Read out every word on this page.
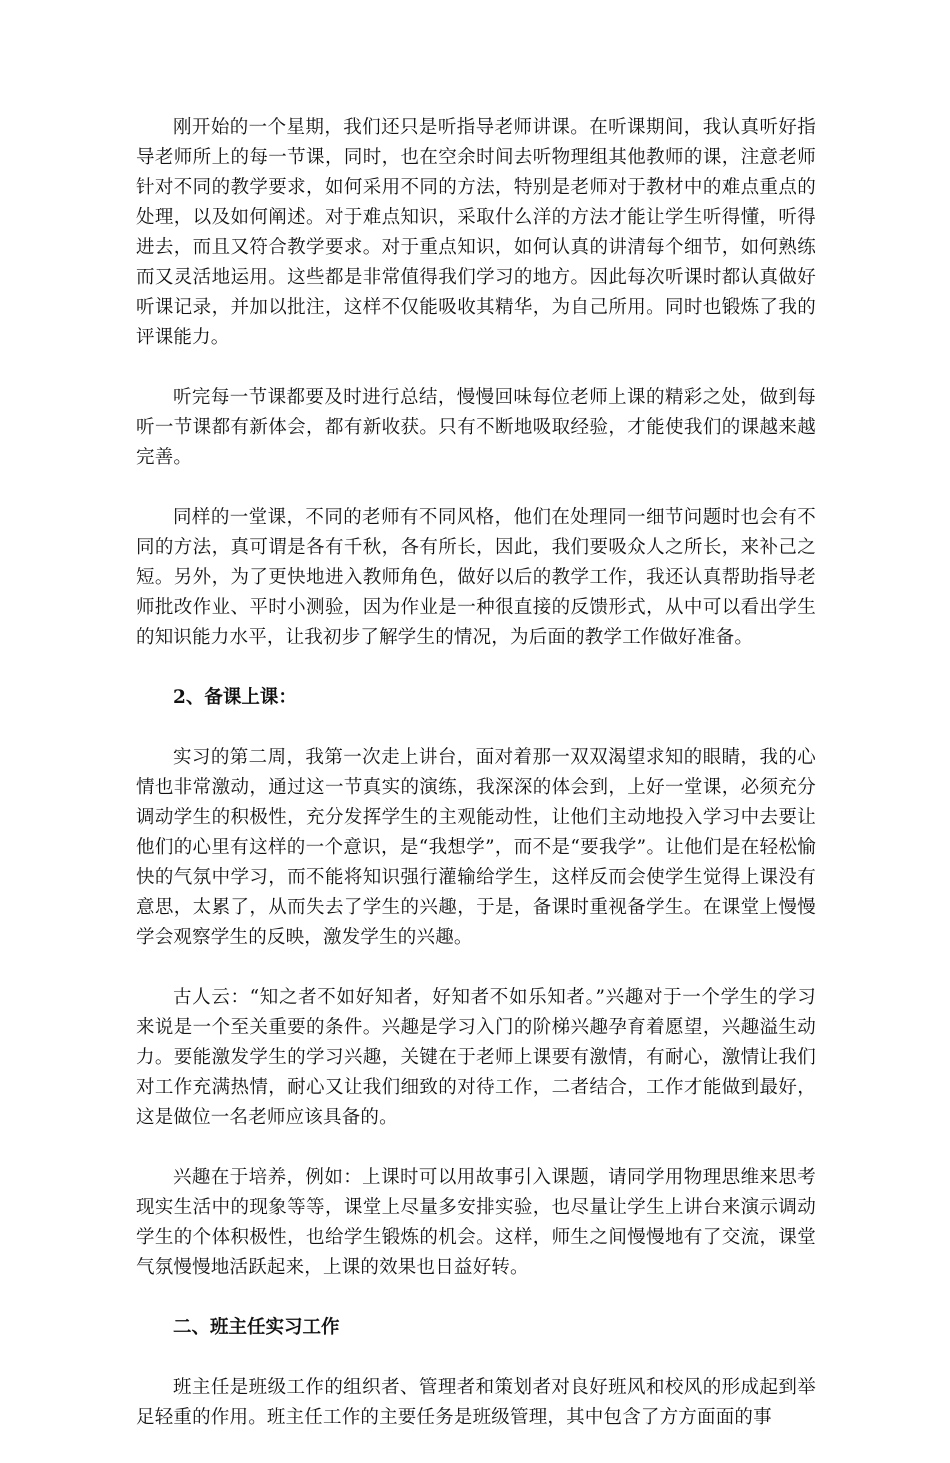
刚开始的一个星期，我们还只是听指导老师讲课。在听课期间，我认真听好指导老师所上的每一节课，同时，也在空余时间去听物理组其他教师的课，注意老师针对不同的教学要求，如何采用不同的方法，特别是老师对于教材中的难点重点的处理，以及如何阐述。对于难点知识，采取什么洋的方法才能让学生听得懂，听得进去，而且又符合教学要求。对于重点知识，如何认真的讲清每个细节，如何熟练而又灵活地运用。这些都是非常值得我们学习的地方。因此每次听课时都认真做好听课记录，并加以批注，这样不仅能吸收其精华，为自己所用。同时也锻炼了我的评课能力。

听完每一节课都要及时进行总结，慢慢回味每位老师上课的精彩之处，做到每听一节课都有新体会，都有新收获。只有不断地吸取经验，才能使我们的课越来越完善。

同样的一堂课，不同的老师有不同风格，他们在处理同一细节问题时也会有不同的方法，真可谓是各有千秋，各有所长，因此，我们要吸众人之所长，来补己之短。另外，为了更快地进入教师角色，做好以后的教学工作，我还认真帮助指导老师批改作业、平时小测验，因为作业是一种很直接的反馈形式，从中可以看出学生的知识能力水平，让我初步了解学生的情况，为后面的教学工作做好准备。

2、备课上课：

实习的第二周，我第一次走上讲台，面对着那一双双渴望求知的眼睛，我的心情也非常激动，通过这一节真实的演练，我深深的体会到，上好一堂课，必须充分调动学生的积极性，充分发挥学生的主观能动性，让他们主动地投入学习中去要让他们的心里有这样的一个意识，是“我想学”，而不是“要我学”。让他们是在轻松愉快的气氛中学习，而不能将知识强行灌输给学生，这样反而会使学生觉得上课没有意思，太累了，从而失去了学生的兴趣，于是，备课时重视备学生。在课堂上慢慢学会观察学生的反映，激发学生的兴趣。

古人云：“知之者不如好知者，好知者不如乐知者。”兴趣对于一个学生的学习来说是一个至关重要的条件。兴趣是学习入门的阶梯兴趣孕育着愿望，兴趣溢生动力。要能激发学生的学习兴趣，关键在于老师上课要有激情，有耐心，激情让我们对工作充满热情，耐心又让我们细致的对待工作，二者结合，工作才能做到最好，这是做位一名老师应该具备的。

兴趣在于培养，例如：上课时可以用故事引入课题，请同学用物理思维来思考现实生活中的现象等等，课堂上尽量多安排实验，也尽量让学生上讲台来演示调动学生的个体积极性，也给学生锻炼的机会。这样，师生之间慢慢地有了交流，课堂气氛慢慢地活跃起来，上课的效果也日益好转。

二、班主任实习工作

班主任是班级工作的组织者、管理者和策划者对良好班风和校风的形成起到举足轻重的作用。班主任工作的主要任务是班级管理，其中包含了方方面面的事
